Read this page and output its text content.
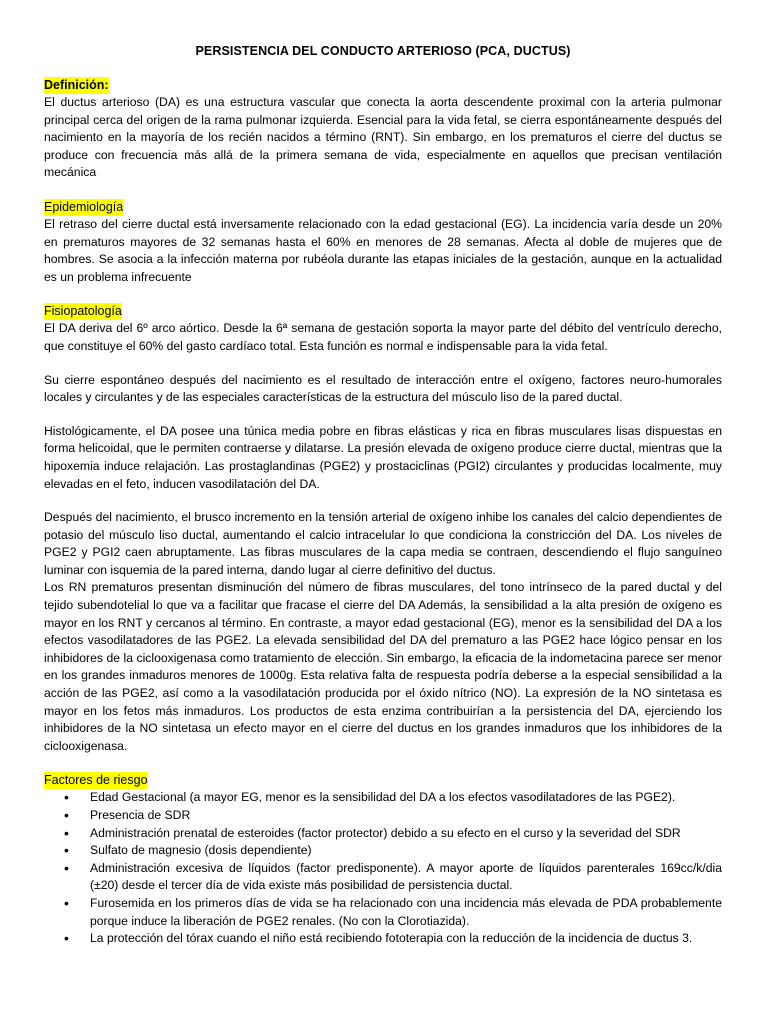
PERSISTENCIA DEL CONDUCTO ARTERIOSO (PCA, DUCTUS)
Definición:

El ductus arterioso (DA) es una estructura vascular que conecta la aorta descendente proximal con la arteria pulmonar principal cerca del origen de la rama pulmonar izquierda. Esencial para la vida fetal, se cierra espontáneamente después del nacimiento en la mayoría de los recién nacidos a término (RNT). Sin embargo, en los prematuros el cierre del ductus se produce con frecuencia más allá de la primera semana de vida, especialmente en aquellos que precisan ventilación mecánica

Epidemiología

El retraso del cierre ductal está inversamente relacionado con la edad gestacional (EG). La incidencia varía desde un 20% en prematuros mayores de 32 semanas hasta el 60% en menores de 28 semanas. Afecta al doble de mujeres que de hombres. Se asocia a la infección materna por rubéola durante las etapas iniciales de la gestación, aunque en la actualidad es un problema infrecuente

Fisiopatología

El DA deriva del 6º arco aórtico. Desde la 6ª semana de gestación soporta la mayor parte del débito del ventrículo derecho, que constituye el 60% del gasto cardíaco total. Esta función es normal e indispensable para la vida fetal.

Su cierre espontáneo después del nacimiento es el resultado de interacción entre el oxígeno, factores neuro-humorales locales y circulantes y de las especiales características de la estructura del músculo liso de la pared ductal.

Histológicamente, el DA posee una túnica media pobre en fibras elásticas y rica en fibras musculares lisas dispuestas en forma helicoidal, que le permiten contraerse y dilatarse. La presión elevada de oxígeno produce cierre ductal, mientras que la hipoxemia induce relajación. Las prostaglandinas (PGE2) y prostaciclinas (PGI2) circulantes y producidas localmente, muy elevadas en el feto, inducen vasodilatación del DA.

Después del nacimiento, el brusco incremento en la tensión arterial de oxígeno inhibe los canales del calcio dependientes de potasio del músculo liso ductal, aumentando el calcio intracelular lo que condiciona la constricción del DA. Los niveles de PGE2 y PGI2 caen abruptamente. Las fibras musculares de la capa media se contraen, descendiendo el flujo sanguíneo luminar con isquemia de la pared interna, dando lugar al cierre definitivo del ductus.

Los RN prematuros presentan disminución del número de fibras musculares, del tono intrínseco de la pared ductal y del tejido subendotelial lo que va a facilitar que fracase el cierre del DA Además, la sensibilidad a la alta presión de oxígeno es mayor en los RNT y cercanos al término. En contraste, a mayor edad gestacional (EG), menor es la sensibilidad del DA a los efectos vasodilatadores de las PGE2. La elevada sensibilidad del DA del prematuro a las PGE2 hace lógico pensar en los inhibidores de la ciclooxigenasa como tratamiento de elección. Sin embargo, la eficacia de la indometacina parece ser menor en los grandes inmaduros menores de 1000g. Esta relativa falta de respuesta podría deberse a la especial sensibilidad a la acción de las PGE2, así como a la vasodilatación producida por el óxido nítrico (NO). La expresión de la NO sintetasa es mayor en los fetos más inmaduros. Los productos de esta enzima contribuirían a la persistencia del DA, ejerciendo los inhibidores de la NO sintetasa un efecto mayor en el cierre del ductus en los grandes inmaduros que los inhibidores de la ciclooxigenasa.

Factores de riesgo
• Edad Gestacional (a mayor EG, menor es la sensibilidad del DA a los efectos vasodilatadores de las PGE2).
• Presencia de SDR
• Administración prenatal de esteroides (factor protector) debido a su efecto en el curso y la severidad del SDR
• Sulfato de magnesio (dosis dependiente)
• Administración excesiva de líquidos (factor predisponente). A mayor aporte de líquidos parenterales 169cc/k/dia (±20) desde el tercer día de vida existe más posibilidad de persistencia ductal.
• Furosemida en los primeros días de vida se ha relacionado con una incidencia más elevada de PDA probablemente porque induce la liberación de PGE2 renales. (No con la Clorotiazida).
• La protección del tórax cuando el niño está recibiendo fototerapia con la reducción de la incidencia de ductus 3.
